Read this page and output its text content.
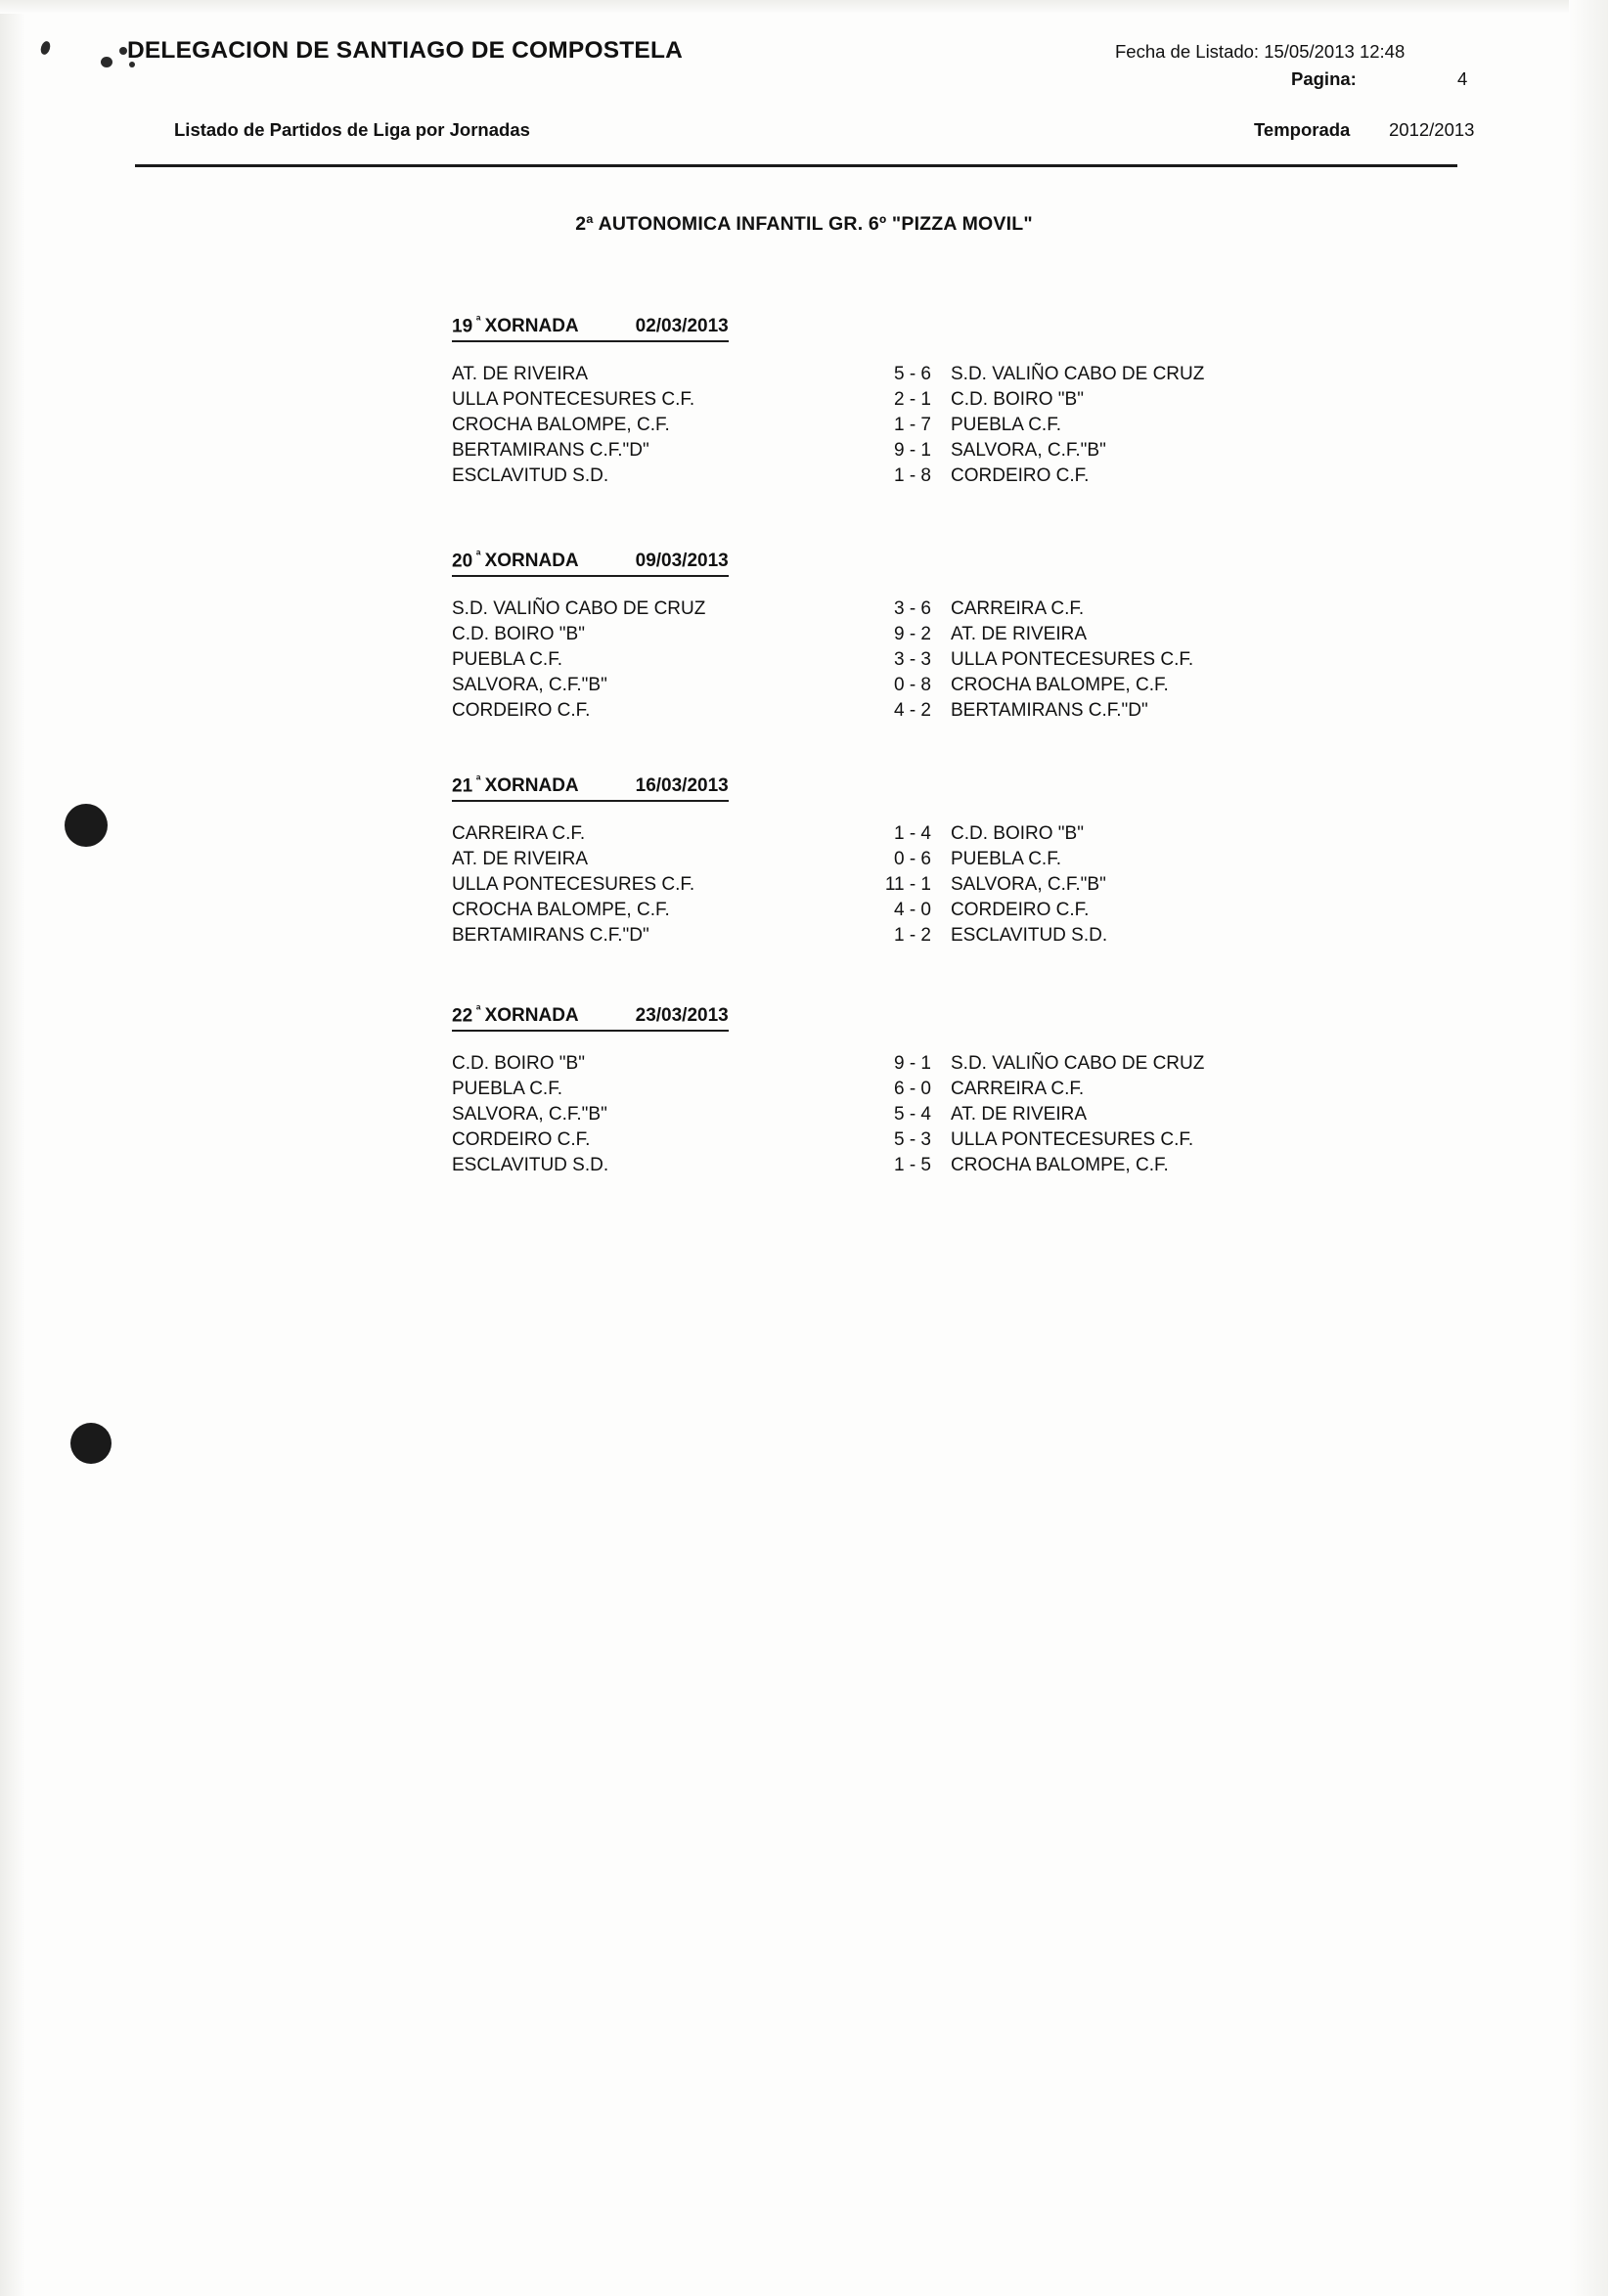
DELEGACION DE SANTIAGO DE COMPOSTELA	Fecha de Listado: 15/05/2013 12:48
Pagina:	4
Listado de Partidos de Liga por Jornadas	Temporada 2012/2013
2ª AUTONOMICA INFANTIL GR. 6º "PIZZA MOVIL"
19 $^ª$ XORNADA	02/03/2013
AT. DE RIVEIRA	5 - 6 S.D. VALIÑO CABO DE CRUZ
ULLA PONTECESURES C.F.	2 - 1 C.D. BOIRO "B"
CROCHA BALOMPE, C.F.	1 - 7 PUEBLA C.F.
BERTAMIRANS C.F."D"	9 - 1 SALVORA, C.F."B"
ESCLAVITUD S.D.	1 - 8 CORDEIRO C.F.
20 $^ª$ XORNADA	09/03/2013
S.D. VALIÑO CABO DE CRUZ	3 - 6 CARREIRA C.F.
C.D. BOIRO "B"	9 - 2 AT. DE RIVEIRA
PUEBLA C.F.	3 - 3 ULLA PONTECESURES C.F.
SALVORA, C.F."B"	0 - 8 CROCHA BALOMPE, C.F.
CORDEIRO C.F.	4 - 2 BERTAMIRANS C.F."D"
21 $^ª$ XORNADA	16/03/2013
CARREIRA C.F.	1 - 4 C.D. BOIRO "B"
AT. DE RIVEIRA	0 - 6 PUEBLA C.F.
ULLA PONTECESURES C.F.	11 - 1 SALVORA, C.F."B"
CROCHA BALOMPE, C.F.	4 - 0 CORDEIRO C.F.
BERTAMIRANS C.F."D"	1 - 2 ESCLAVITUD S.D.
22 $^ª$ XORNADA	23/03/2013
C.D. BOIRO "B"	9 - 1 S.D. VALIÑO CABO DE CRUZ
PUEBLA C.F.	6 - 0 CARREIRA C.F.
SALVORA, C.F."B"	5 - 4 AT. DE RIVEIRA
CORDEIRO C.F.	5 - 3 ULLA PONTECESURES C.F.
ESCLAVITUD S.D.	1 - 5 CROCHA BALOMPE, C.F.
